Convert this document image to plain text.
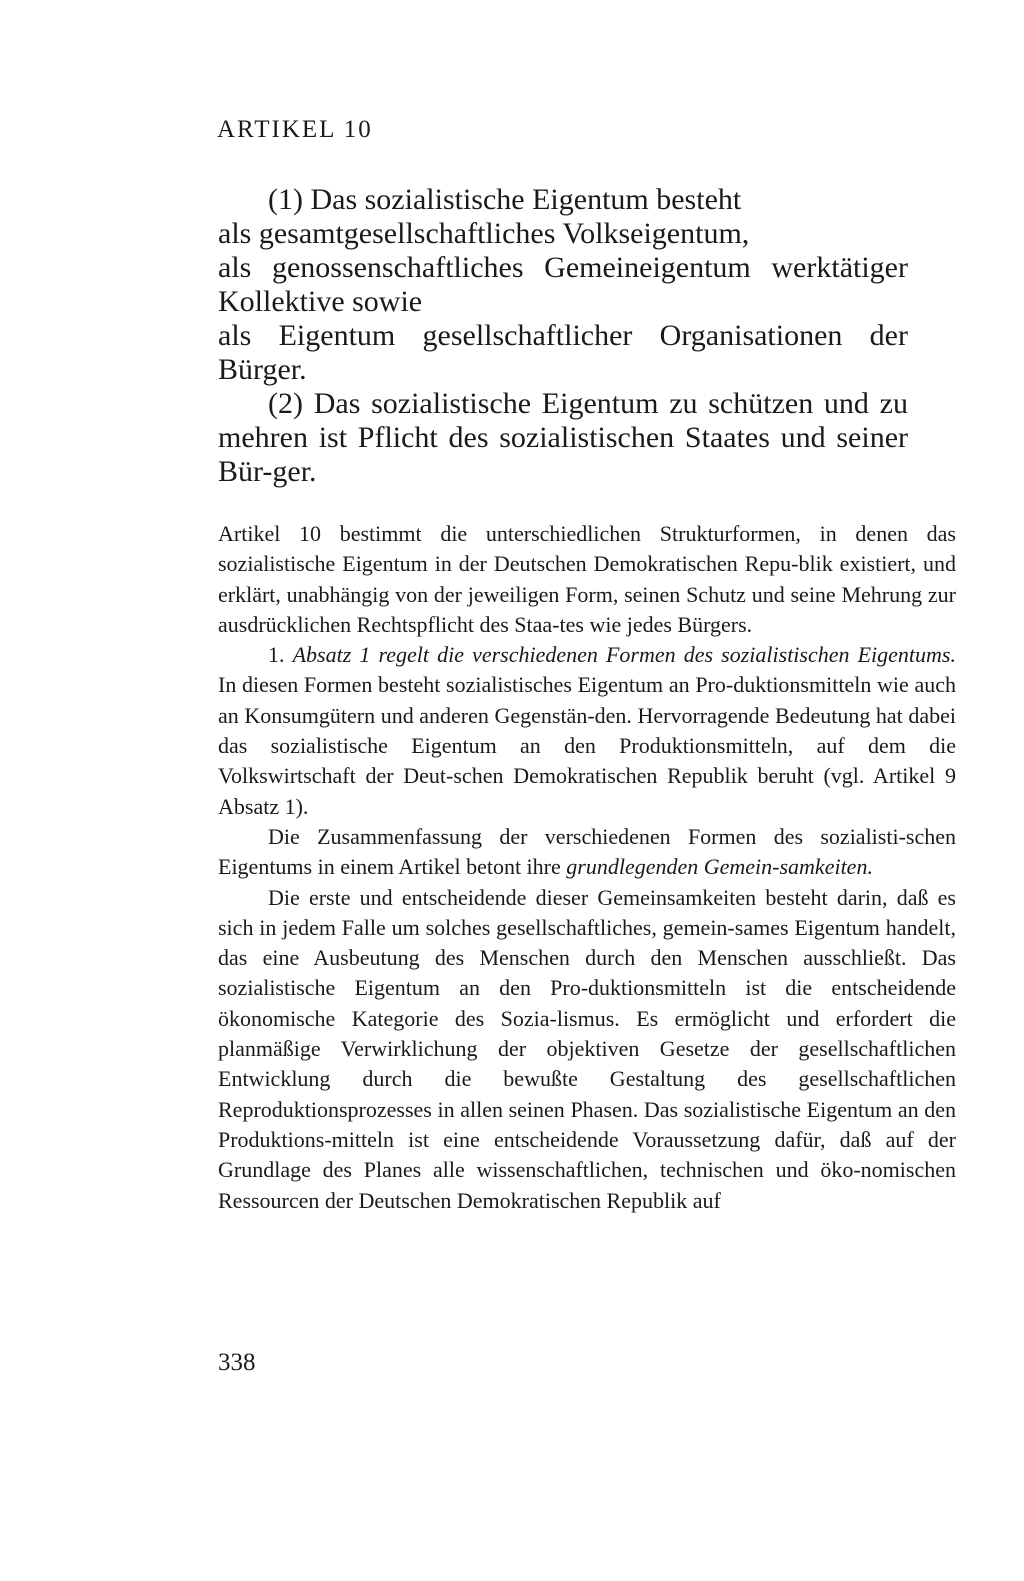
ARTIKEL 10

(1) Das sozialistische Eigentum besteht

als gesamtgesellschaftliches Volkseigentum,

als genossenschaftliches Gemeineigentum werktätiger

Kollektive sowie

als Eigentum gesellschaftlicher Organisationen der

Bürger.

(2) Das sozialistische Eigentum zu schützen und zu mehren ist Pflicht des sozialistischen Staates und seiner Bür-ger.

Artikel 10 bestimmt die unterschiedlichen Strukturformen, in denen das sozialistische Eigentum in der Deutschen Demokratischen Repu-blik existiert, und erklärt, unabhängig von der jeweiligen Form, seinen Schutz und seine Mehrung zur ausdrücklichen Rechtspflicht des Staa-tes wie jedes Bürgers.

1. Absatz 1 regelt die verschiedenen Formen des sozialistischen Eigentums. In diesen Formen besteht sozialistisches Eigentum an Pro-duktionsmitteln wie auch an Konsumgütern und anderen Gegenstän-den. Hervorragende Bedeutung hat dabei das sozialistische Eigentum an den Produktionsmitteln, auf dem die Volkswirtschaft der Deut-schen Demokratischen Republik beruht (vgl. Artikel 9 Absatz 1).

Die Zusammenfassung der verschiedenen Formen des sozialisti-schen Eigentums in einem Artikel betont ihre grundlegenden Gemein-samkeiten.

Die erste und entscheidende dieser Gemeinsamkeiten besteht darin, daß es sich in jedem Falle um solches gesellschaftliches, gemein-sames Eigentum handelt, das eine Ausbeutung des Menschen durch den Menschen ausschließt. Das sozialistische Eigentum an den Pro-duktionsmitteln ist die entscheidende ökonomische Kategorie des Sozia-lismus. Es ermöglicht und erfordert die planmäßige Verwirklichung der objektiven Gesetze der gesellschaftlichen Entwicklung durch die bewußte Gestaltung des gesellschaftlichen Reproduktionsprozesses in allen seinen Phasen. Das sozialistische Eigentum an den Produktions-mitteln ist eine entscheidende Voraussetzung dafür, daß auf der Grundlage des Planes alle wissenschaftlichen, technischen und öko-nomischen Ressourcen der Deutschen Demokratischen Republik auf

338
